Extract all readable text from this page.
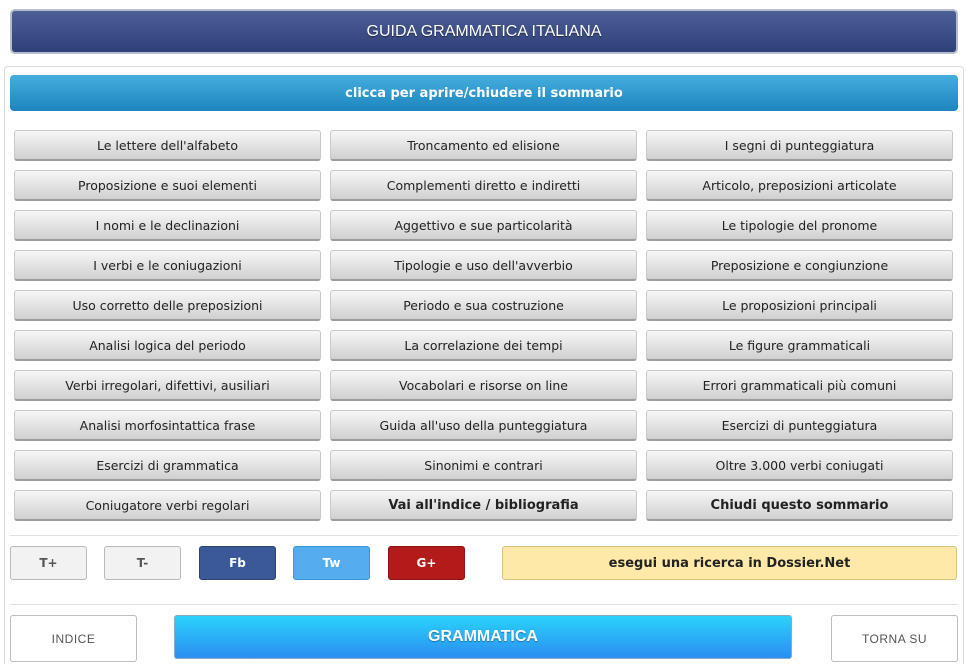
GUIDA GRAMMATICA ITALIANA
clicca per aprire/chiudere il sommario
Le lettere dell'alfabeto	Troncamento ed elisione	I segni di punteggiatura
Proposizione e suoi elementi	Complementi diretto e indiretti	Articolo, preposizioni articolate
I nomi e le declinazioni	Aggettivo e sue particolarità	Le tipologie del pronome
I verbi e le coniugazioni	Tipologie e uso dell'avverbio	Preposizione e congiunzione
Uso corretto delle preposizioni	Periodo e sua costruzione	Le proposizioni principali
Analisi logica del periodo	La correlazione dei tempi	Le figure grammaticali
Verbi irregolari, difettivi, ausiliari	Vocabolari e risorse on line	Errori grammaticali più comuni
Analisi morfosintattica frase	Guida all'uso della punteggiatura	Esercizi di punteggiatura
Esercizi di grammatica	Sinonimi e contrari	Oltre 3.000 verbi coniugati
Coniugatore verbi regolari	Vai all'indice / bibliografia	Chiudi questo sommario
T+	T-	Fb	Tw	G+	esegui una ricerca in Dossier.Net
INDICE	GRAMMATICA	TORNA SU
